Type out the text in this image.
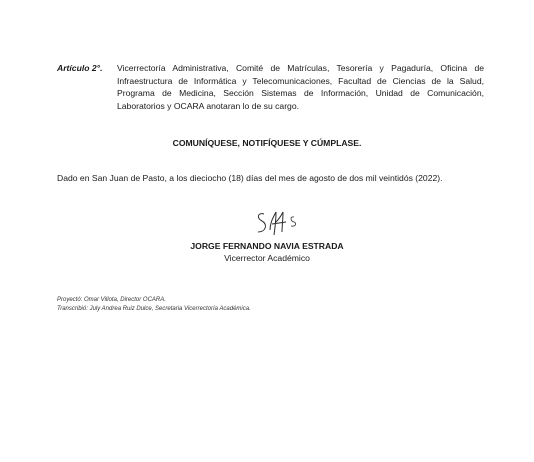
Artículo 2°.	Vicerrectoría Administrativa, Comité de Matrículas, Tesorería y Pagaduría, Oficina de Infraestructura de Informática y Telecomunicaciones, Facultad de Ciencias de la Salud, Programa de Medicina, Sección Sistemas de Información, Unidad de Comunicación, Laboratorios y OCARA anotaran lo de su cargo.
COMUNÍQUESE, NOTIFÍQUESE Y CÚMPLASE.
Dado en San Juan de Pasto, a los dieciocho (18) días del mes de agosto de dos mil veintidós (2022).
JORGE FERNANDO NAVIA ESTRADA
Vicerrector Académico
Proyectó: Omar Villota, Director OCARA.
Transcribió: July Andrea Ruiz Dulce, Secretaria Vicerrectoría Académica.
